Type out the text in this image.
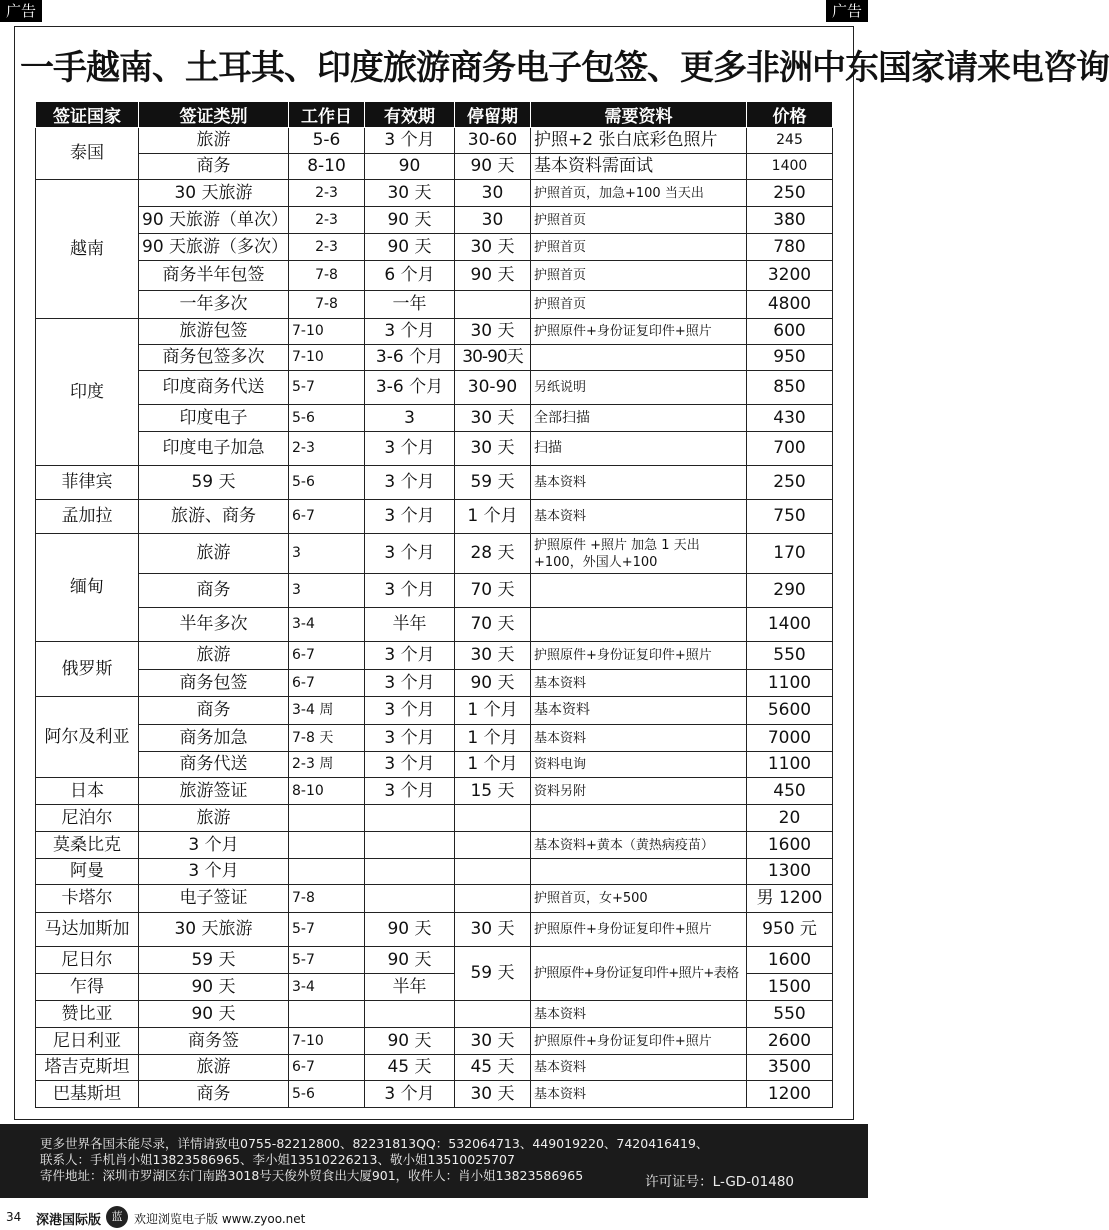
广告	广告
一手越南、土耳其、印度旅游商务电子包签、更多非洲中东国家请来电咨询
签证国家	签证类别	工作日	有效期	停留期	需要资料	价格
泰国	旅游	5-6	3 个月	30-60	护照+2 张白底彩色照片	245
	商务	8-10	90	90 天	基本资料需面试	1400
越南	30 天旅游	2-3	30 天	30	护照首页，加急+100 当天出	250
	90 天旅游（单次）	2-3	90 天	30	护照首页	380
	90 天旅游（多次）	2-3	90 天	30 天	护照首页	780
	商务半年包签	7-8	6 个月	90 天	护照首页	3200
	一年多次	7-8	一年		护照首页	4800
印度	旅游包签	7-10	3 个月	30 天	护照原件+身份证复印件+照片	600
	商务包签多次	7-10	3-6 个月	30-90天		950
	印度商务代送	5-7	3-6 个月	30-90	另纸说明	850
	印度电子	5-6	3	30 天	全部扫描	430
	印度电子加急	2-3	3 个月	30 天	扫描	700
菲律宾	59 天	5-6	3 个月	59 天	基本资料	250
孟加拉	旅游、商务	6-7	3 个月	1 个月	基本资料	750
缅甸	旅游	3	3 个月	28 天	护照原件 +照片 加急 1 天出+100，外国人+100	170
	商务	3	3 个月	70 天		290
	半年多次	3-4	半年	70 天		1400
俄罗斯	旅游	6-7	3 个月	30 天	护照原件+身份证复印件+照片	550
	商务包签	6-7	3 个月	90 天	基本资料	1100
阿尔及利亚	商务	3-4 周	3 个月	1 个月	基本资料	5600
	商务加急	7-8 天	3 个月	1 个月	基本资料	7000
	商务代送	2-3 周	3 个月	1 个月	资料电询	1100
日本	旅游签证	8-10	3 个月	15 天	资料另附	450
尼泊尔	旅游					20
莫桑比克	3 个月				基本资料+黄本（黄热病疫苗）	1600
阿曼	3 个月					1300
卡塔尔	电子签证	7-8			护照首页，女+500	男 1200
马达加斯加	30 天旅游	5-7	90 天	30 天	护照原件+身份证复印件+照片	950 元
尼日尔	59 天	5-7	90 天	59 天	护照原件+身份证复印件+照片+表格	1600
乍得	90 天	3-4	半年			1500
赞比亚	90 天				基本资料	550
尼日利亚	商务签	7-10	90 天	30 天	护照原件+身份证复印件+照片	2600
塔吉克斯坦	旅游	6-7	45 天	45 天	基本资料	3500
巴基斯坦	商务	5-6	3 个月	30 天	基本资料	1200
更多世界各国未能尽录，详情请致电0755-82212800、82231813QQ：532064713、449019220、7420416419、
联系人：手机肖小姐13823586965、李小姐13510226213、敬小姐13510025707
寄件地址：深圳市罗湖区东门南路3018号天俊外贸食出大厦901，收件人：肖小姐13823586965	许可证号：L-GD-01480
34 深港国际版 蓝 欢迎浏览电子版 www.zyoo.net
